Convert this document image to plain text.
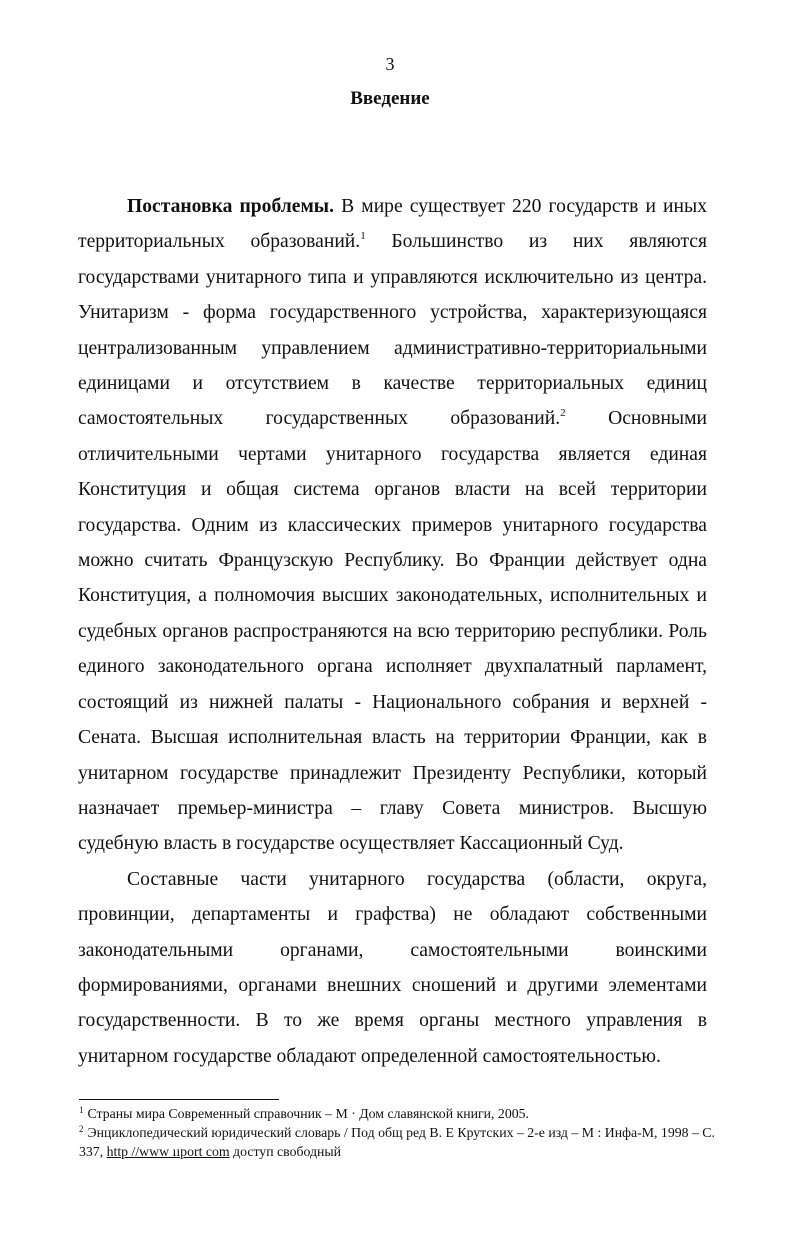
3
Введение

Постановка проблемы. В мире существует 220 государств и иных территориальных образований.$^1$ Большинство из них являются государствами унитарного типа и управляются исключительно из центра. Унитаризм - форма государственного устройства, характеризующаяся централизованным управлением административно-территориальными единицами и отсутствием в качестве территориальных единиц самостоятельных государственных образований.$^2$ Основными отличительными чертами унитарного государства является единая Конституция и общая система органов власти на всей территории государства. Одним из классических примеров унитарного государства можно считать Французскую Республику. Во Франции действует одна Конституция, а полномочия высших законодательных, исполнительных и судебных органов распространяются на всю территорию республики. Роль единого законодательного органа исполняет двухпалатный парламент, состоящий из нижней палаты - Национального собрания и верхней - Сената. Высшая исполнительная власть на территории Франции, как в унитарном государстве принадлежит Президенту Республики, который назначает премьер-министра – главу Совета министров. Высшую судебную власть в государстве осуществляет Кассационный Суд.

Составные части унитарного государства (области, округа, провинции, департаменты и графства) не обладают собственными законодательными органами, самостоятельными воинскими формированиями, органами внешних сношений и другими элементами государственности. В то же время органы местного управления в унитарном государстве обладают определенной самостоятельностью.

$^1$ Страны мира Современный справочник – М · Дом славянской книги, 2005.

$^2$ Энциклопедический юридический словарь / Под общ ред В. Е Крутских – 2-е изд – М : Инфа-М, 1998 – С. 337, http //www ııport com доступ свободный
